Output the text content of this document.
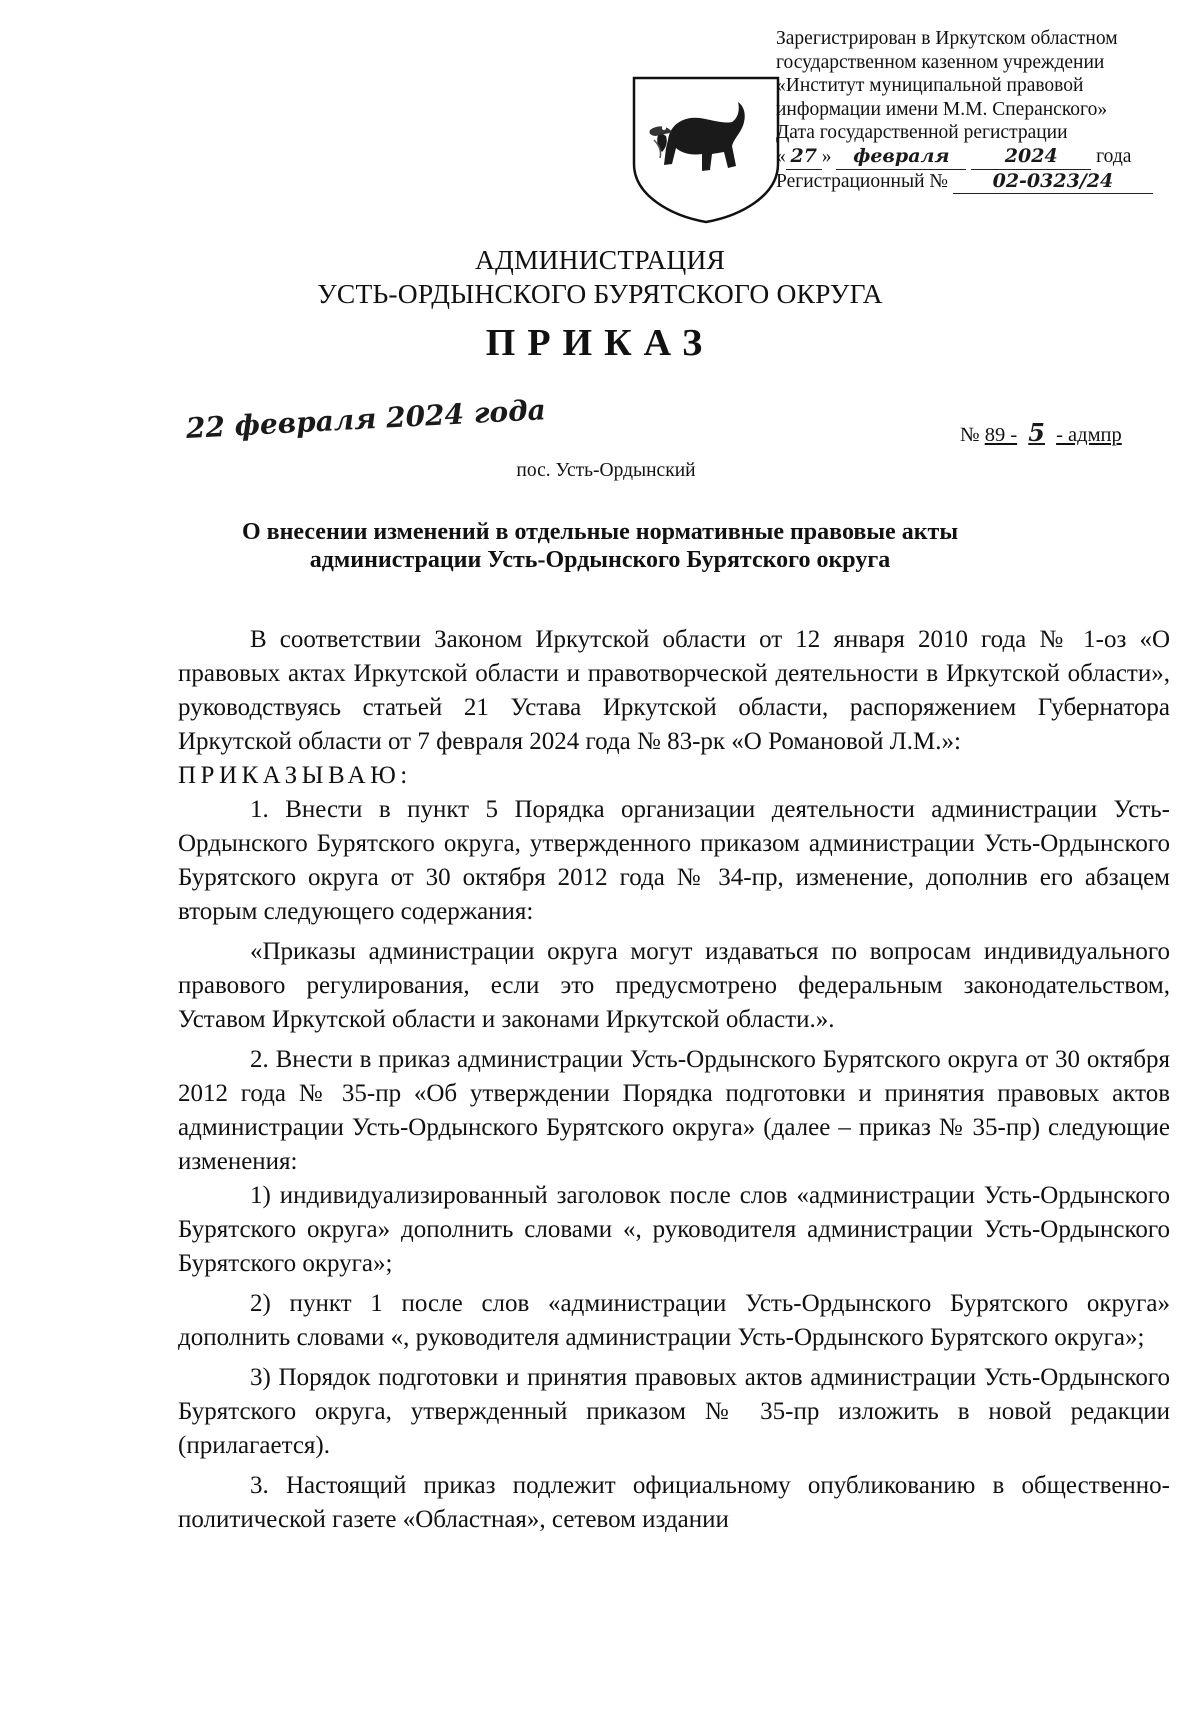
Зарегистрирован в Иркутском областном
государственном казенном учреждении
«Институт муниципальной правовой
информации имени М.М. Сперанского»
Дата государственной регистрации
« 27 » февраля	2024 года
Регистрационный № 02-0323/24
АДМИНИСТРАЦИЯ
УСТЬ-ОРДЫНСКОГО БУРЯТСКОГО ОКРУГА
ПРИКАЗ
22 февраля 2024 года	№ 89 - 5 - адмпр
пос. Усть-Ордынский
О внесении изменений в отдельные нормативные правовые акты
администрации Усть-Ордынского Бурятского округа

В соответствии Законом Иркутской области от 12 января 2010 года № 1-оз «О правовых актах Иркутской области и правотворческой деятельности в Иркутской области», руководствуясь статьей 21 Устава Иркутской области, распоряжением Губернатора Иркутской области от 7 февраля 2024 года № 83-рк «О Романовой Л.М.»:

ПРИКАЗЫВАЮ:

1. Внести в пункт 5 Порядка организации деятельности администрации Усть-Ордынского Бурятского округа, утвержденного приказом администрации Усть-Ордынского Бурятского округа от 30 октября 2012 года № 34-пр, изменение, дополнив его абзацем вторым следующего содержания:

«Приказы администрации округа могут издаваться по вопросам индивидуального правового регулирования, если это предусмотрено федеральным законодательством, Уставом Иркутской области и законами Иркутской области.».

2. Внести в приказ администрации Усть-Ордынского Бурятского округа от 30 октября 2012 года № 35-пр «Об утверждении Порядка подготовки и принятия правовых актов администрации Усть-Ордынского Бурятского округа» (далее – приказ № 35-пр) следующие изменения:

1) индивидуализированный заголовок после слов «администрации Усть-Ордынского Бурятского округа» дополнить словами «, руководителя администрации Усть-Ордынского Бурятского округа»;

2) пункт 1 после слов «администрации Усть-Ордынского Бурятского округа» дополнить словами «, руководителя администрации Усть-Ордынского Бурятского округа»;

3) Порядок подготовки и принятия правовых актов администрации Усть-Ордынского Бурятского округа, утвержденный приказом № 35-пр изложить в новой редакции (прилагается).

3. Настоящий приказ подлежит официальному опубликованию в общественно-политической газете «Областная», сетевом издании
